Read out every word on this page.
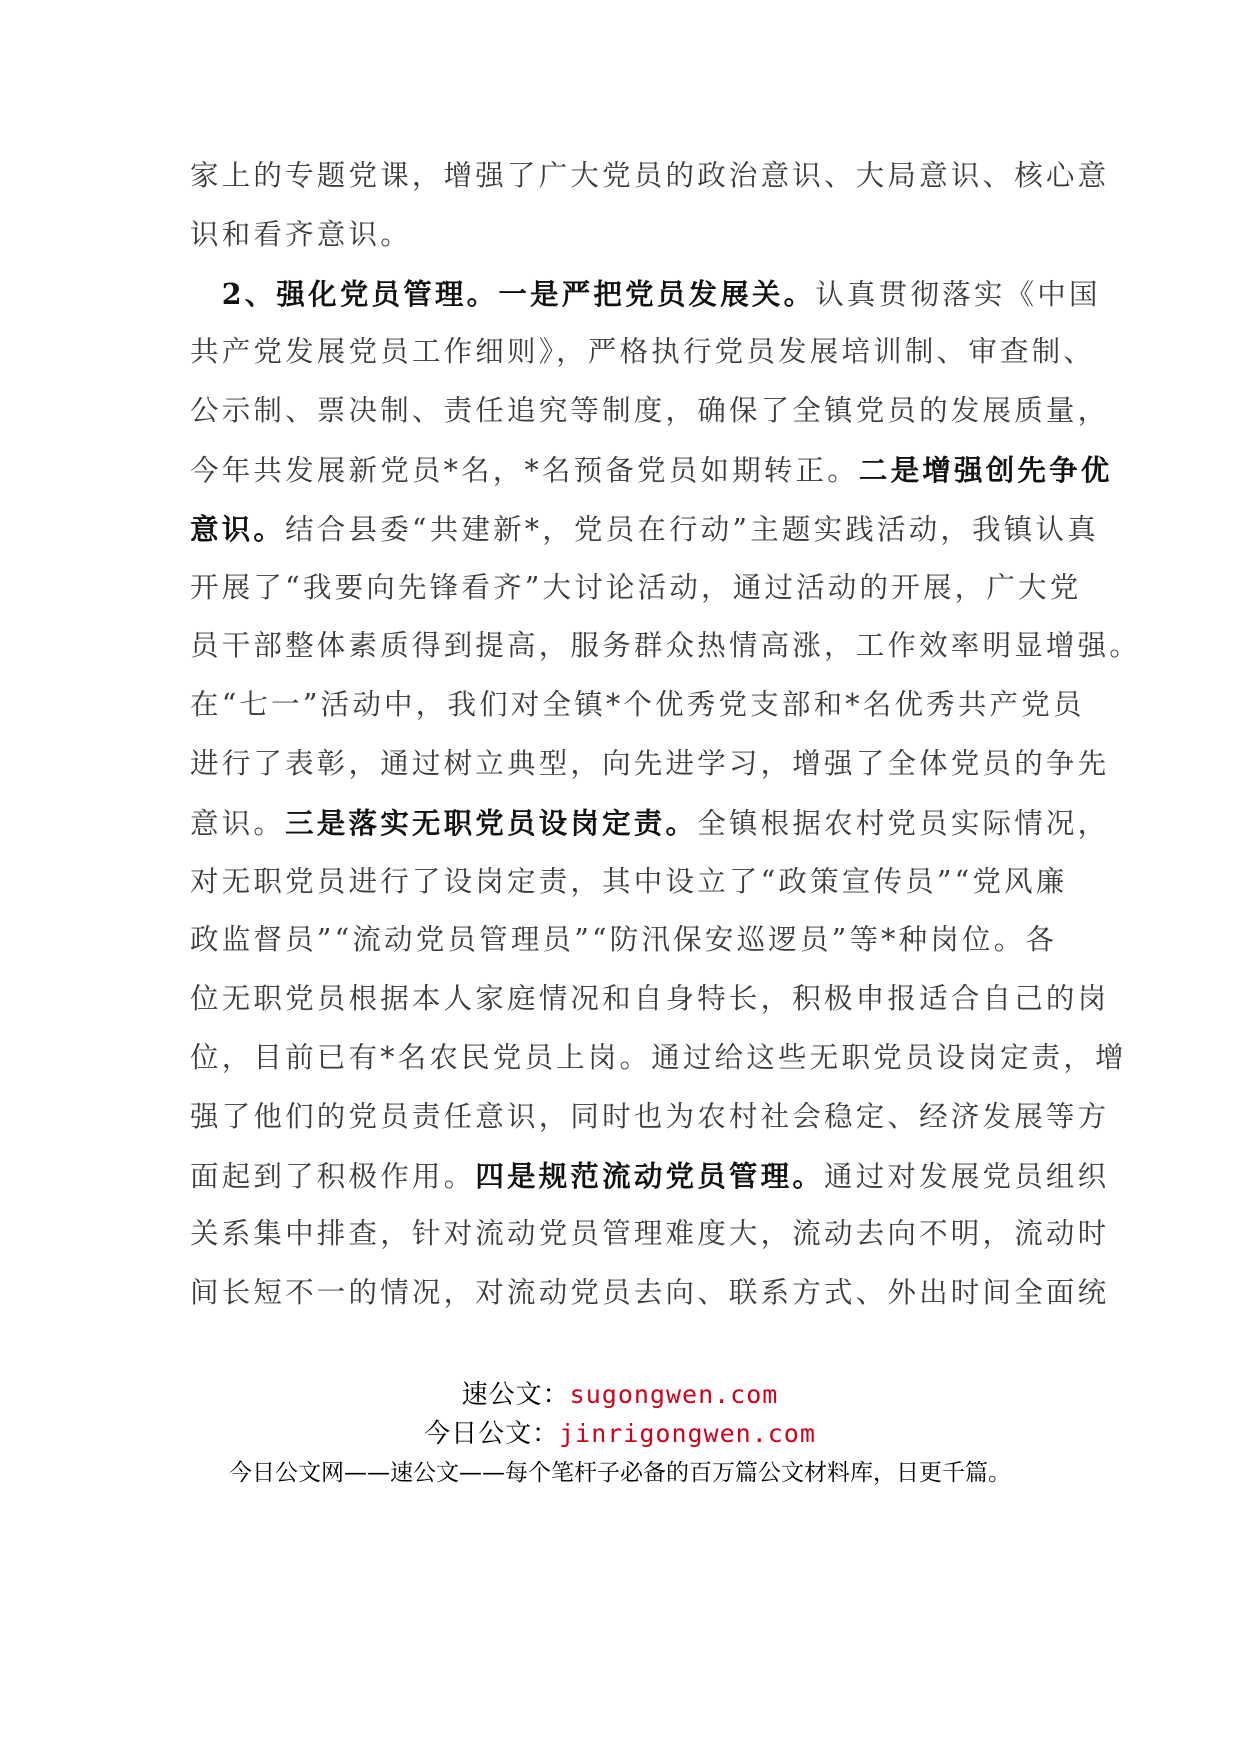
家上的专题党课，增强了广大党员的政治意识、大局意识、核心意
识和看齐意识。
　2、强化党员管理。一是严把党员发展关。认真贯彻落实《中国
共产党发展党员工作细则》，严格执行党员发展培训制、审查制、
公示制、票决制、责任追究等制度，确保了全镇党员的发展质量，
今年共发展新党员*名，*名预备党员如期转正。二是增强创先争优
意识。结合县委“共建新*，党员在行动”主题实践活动，我镇认真
开展了“我要向先锋看齐”大讨论活动，通过活动的开展，广大党
员干部整体素质得到提高，服务群众热情高涨，工作效率明显增强。
在“七一”活动中，我们对全镇*个优秀党支部和*名优秀共产党员
进行了表彰，通过树立典型，向先进学习，增强了全体党员的争先
意识。三是落实无职党员设岗定责。全镇根据农村党员实际情况，
对无职党员进行了设岗定责，其中设立了“政策宣传员”“党风廉
政监督员”“流动党员管理员”“防汛保安巡逻员”等*种岗位。各
位无职党员根据本人家庭情况和自身特长，积极申报适合自己的岗
位，目前已有*名农民党员上岗。通过给这些无职党员设岗定责，增
强了他们的党员责任意识，同时也为农村社会稳定、经济发展等方
面起到了积极作用。四是规范流动党员管理。通过对发展党员组织
关系集中排查，针对流动党员管理难度大，流动去向不明，流动时
间长短不一的情况，对流动党员去向、联系方式、外出时间全面统
速公文：sugongwen.com
今日公文：jinrigongwen.com
今日公文网——速公文——每个笔杆子必备的百万篇公文材料库，日更千篇。
